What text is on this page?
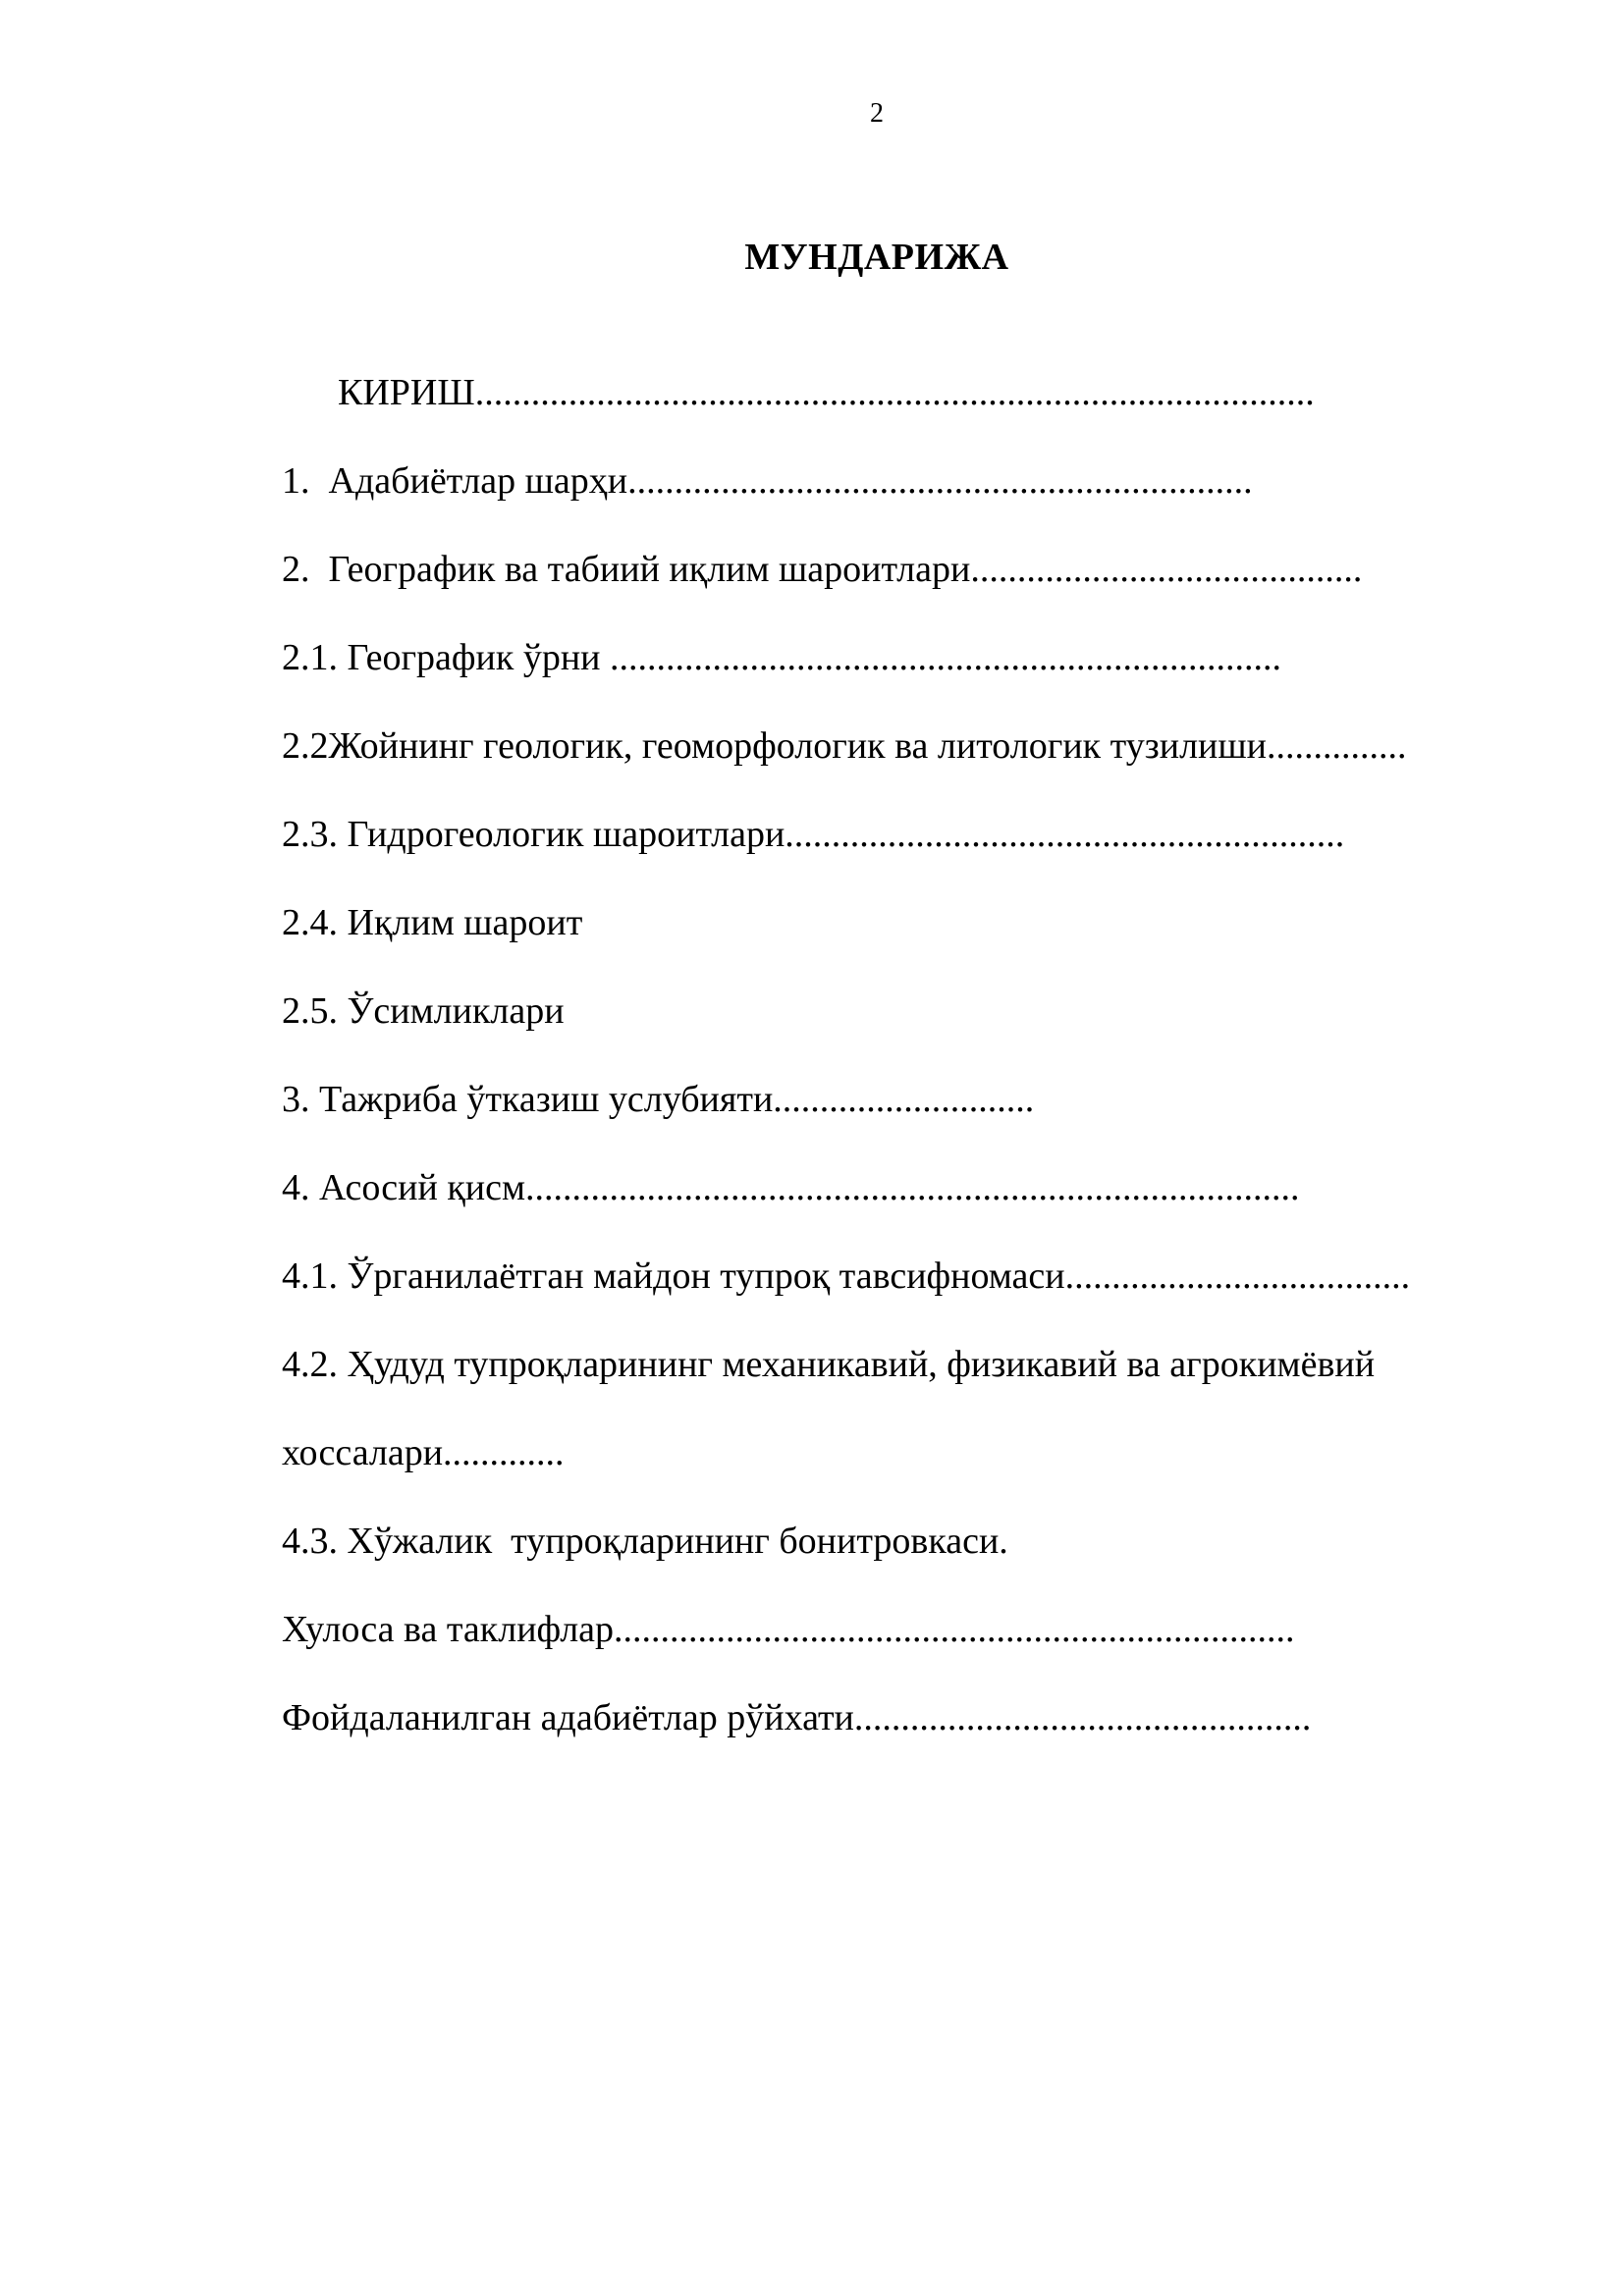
2
МУНДАРИЖА
КИРИШ..........................................................................................
1.  Адабиётлар шарҳи...................................................................
2.  Географик ва табиий иқлим шароитлари..........................................
2.1. Географик ўрни ........................................................................
2.2Жойнинг геологик, геоморфологик ва литологик тузилиши...............
2.3. Гидрогеологик шароитлари............................................................
2.4. Иқлим шароит
2.5. Ўсимликлари
3. Тажриба ўтказиш услубияти............................
4. Асосий қисм...................................................................................
4.1. Ўрганилаётган майдон тупроқ тавсифномаси.....................................
4.2. Ҳудуд тупроқларининг механикавий, физикавий ва агрокимёвий
хоссалари.............
4.3. Хўжалик  тупроқларининг бонитровкаси.
Хулоса ва таклифлар.........................................................................
Фойдаланилган адабиётлар рўйхати.................................................
